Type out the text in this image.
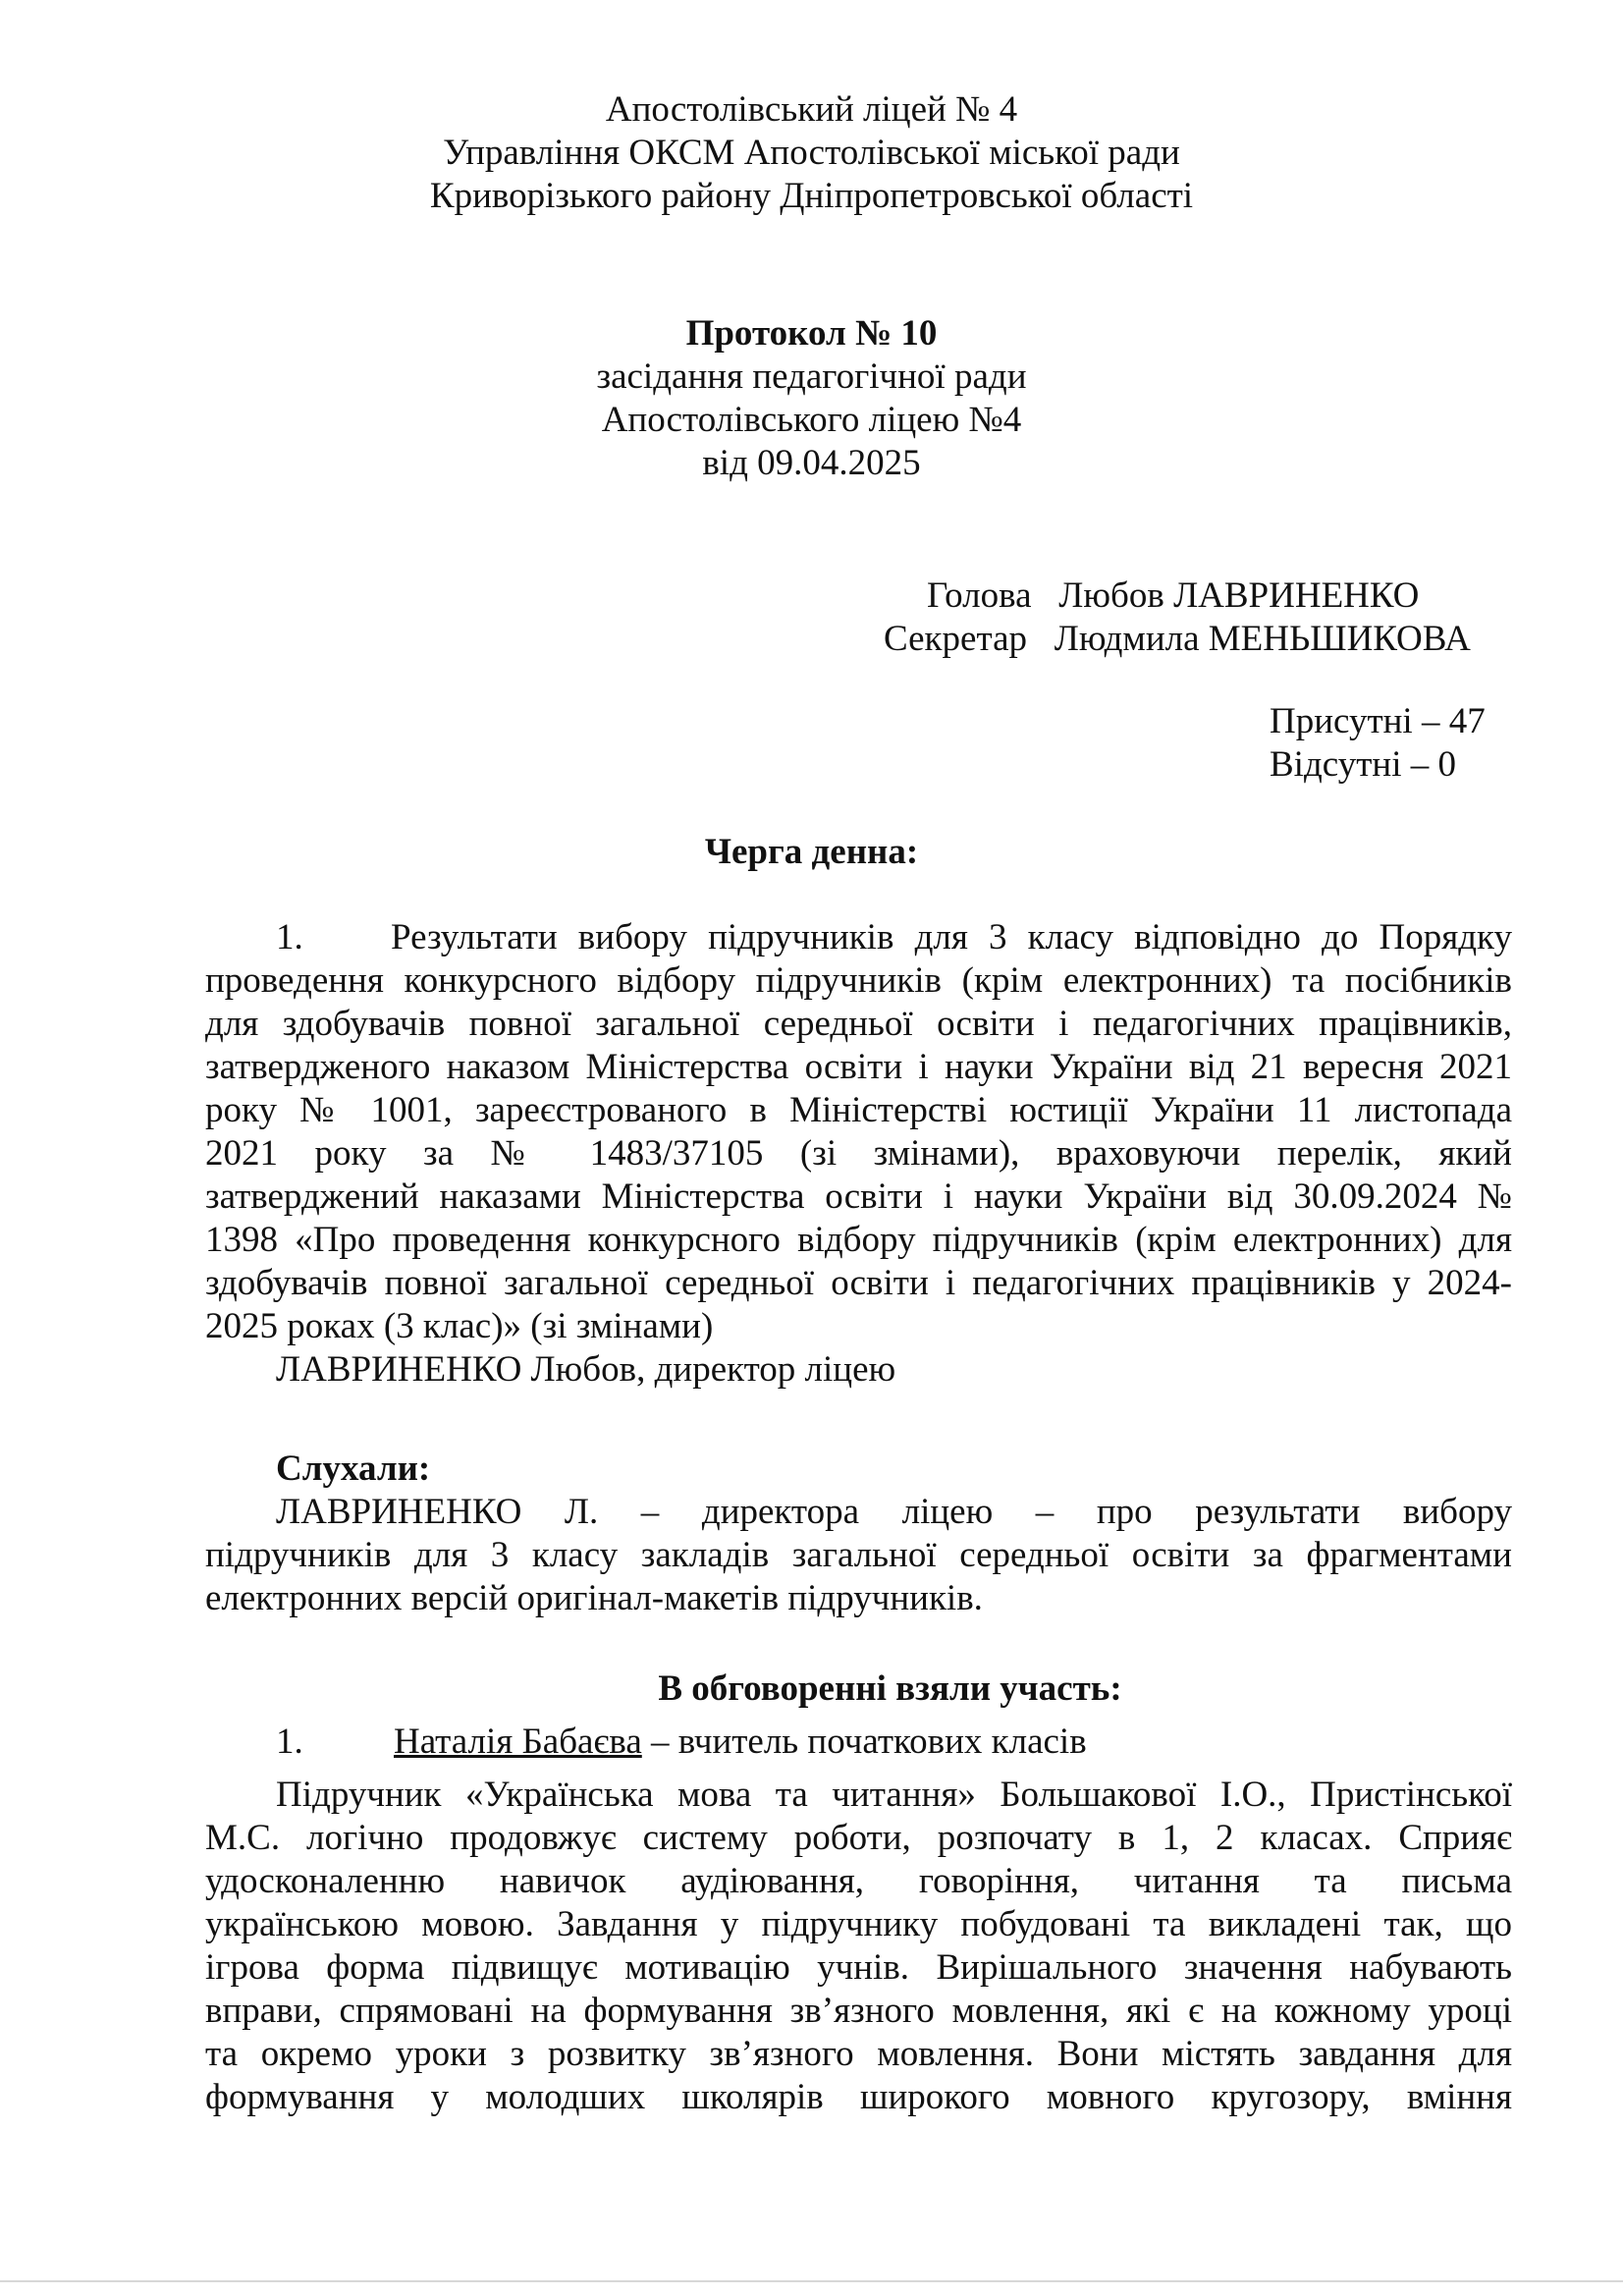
Апостолівський ліцей № 4
Управління ОКСМ Апостолівської міської ради
Криворізького району Дніпропетровської області
Протокол № 10
засідання педагогічної ради
Апостолівського ліцею №4
від 09.04.2025
Голова Любов ЛАВРИНЕНКО
Секретар Людмила МЕНЬШИКОВА
Присутні – 47
Відсутні – 0
Черга денна:
1.	Результати вибору підручників для 3 класу відповідно до Порядку
проведення конкурсного відбору підручників (крім електронних) та посібників
для здобувачів повної загальної середньої освіти і педагогічних працівників,
затвердженого наказом Міністерства освіти і науки України від 21 вересня 2021
року № 1001, зареєстрованого в Міністерстві юстиції України 11 листопада
2021 року за № 1483/37105 (зі змінами), враховуючи перелік, який
затверджений наказами Міністерства освіти і науки України від 30.09.2024 №
1398 «Про проведення конкурсного відбору підручників (крім електронних) для
здобувачів повної загальної середньої освіти і педагогічних працівників у 2024-
2025 роках (3 клас)» (зі змінами)
ЛАВРИНЕНКО Любов, директор ліцею
Слухали:
ЛАВРИНЕНКО Л. – директора ліцею – про результати вибору
підручників для 3 класу закладів загальної середньої освіти за фрагментами
електронних версій оригінал-макетів підручників.
В обговоренні взяли участь:
1. Наталія Бабаєва – вчитель початкових класів
Підручник «Українська мова та читання» Большакової І.О., Пристінської
М.С. логічно продовжує систему роботи, розпочату в 1, 2 класах. Сприяє
удосконаленню навичок аудіювання, говоріння, читання та письма
українською мовою. Завдання у підручнику побудовані та викладені так, що
ігрова форма підвищує мотивацію учнів. Вирішального значення набувають
вправи, спрямовані на формування зв’язного мовлення, які є на кожному уроці
та окремо уроки з розвитку зв’язного мовлення. Вони містять завдання для
формування у молодших школярів широкого мовного кругозору, вміння
